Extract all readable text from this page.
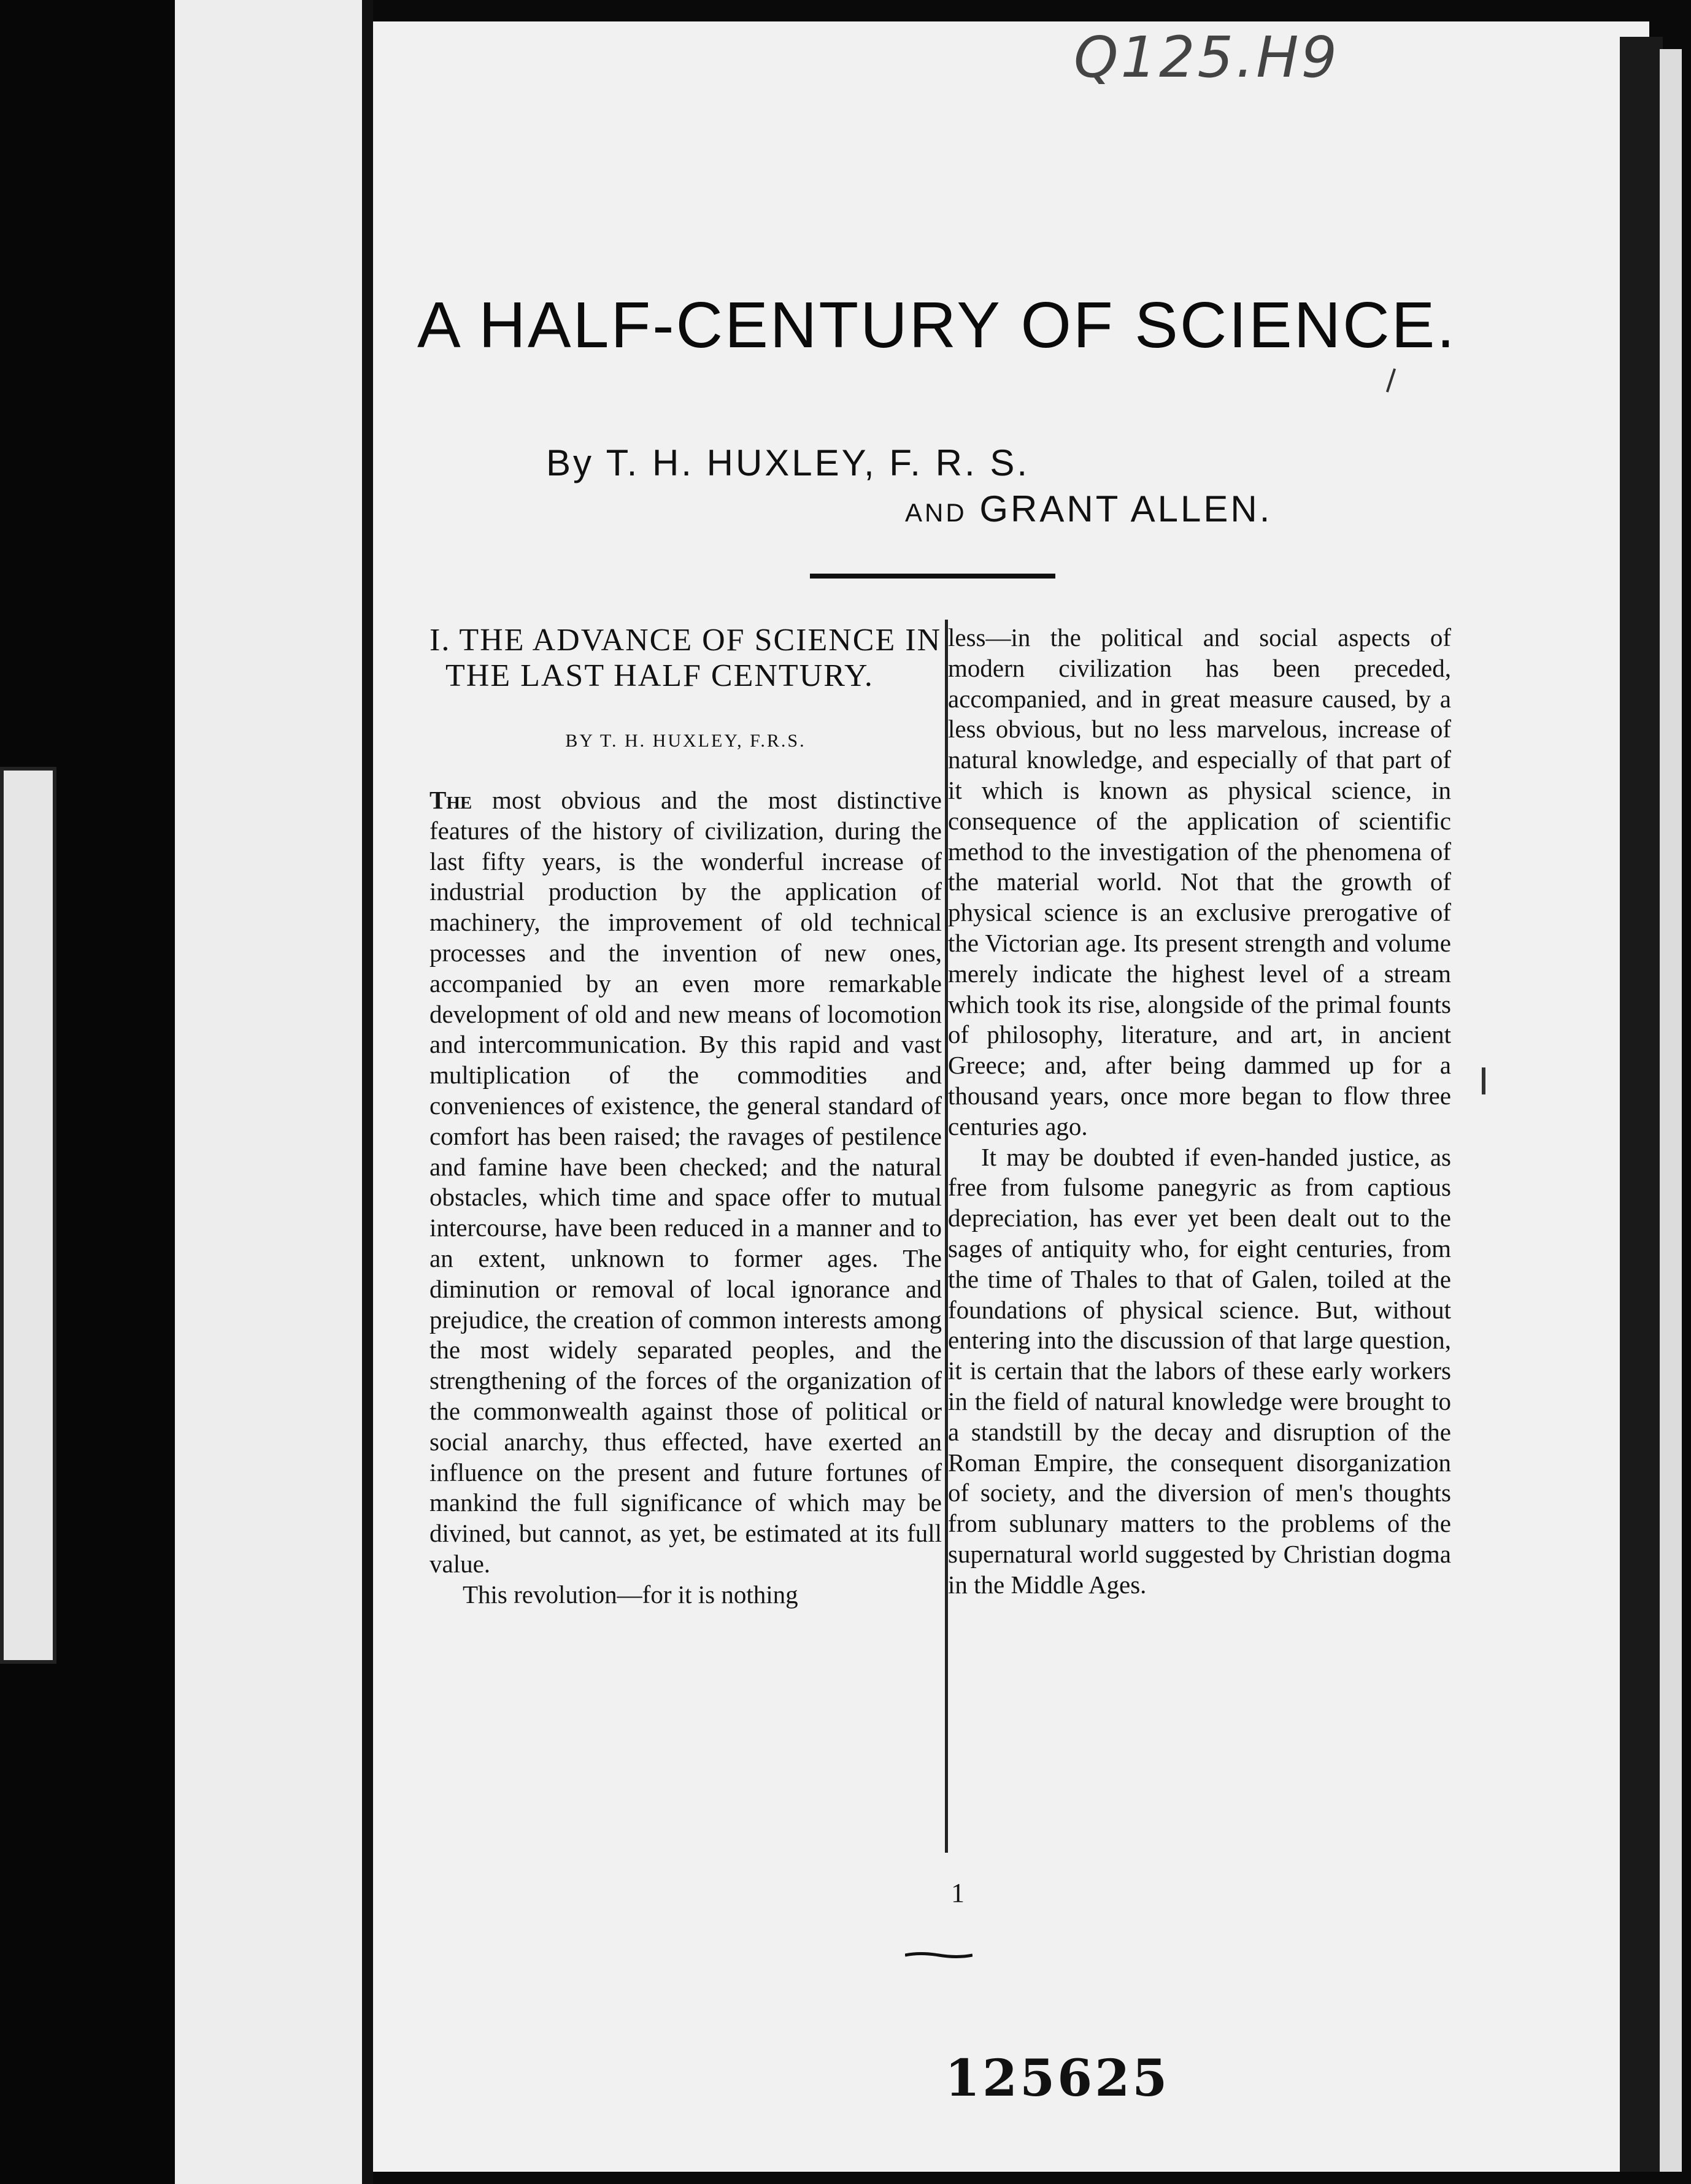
Q125.H9
A HALF-CENTURY OF SCIENCE.
By T. H. HUXLEY, F. R. S.
and GRANT ALLEN.
I. THE ADVANCE OF SCIENCE IN THE LAST HALF CENTURY.
BY T. H. HUXLEY, F.R.S.

The most obvious and the most distinctive features of the history of civilization, during the last fifty years, is the wonderful increase of industrial production by the application of machinery, the improvement of old technical processes and the invention of new ones, accompanied by an even more remarkable development of old and new means of locomotion and intercommunication. By this rapid and vast multiplication of the commodities and conveniences of existence, the general standard of comfort has been raised; the ravages of pestilence and famine have been checked; and the natural obstacles, which time and space offer to mutual intercourse, have been reduced in a manner and to an extent, unknown to former ages. The diminution or removal of local ignorance and prejudice, the creation of common interests among the most widely separated peoples, and the strengthening of the forces of the organization of the commonwealth against those of political or social anarchy, thus effected, have exerted an influence on the present and future fortunes of mankind the full significance of which may be divined, but cannot, as yet, be estimated at its full value.

This revolution—for it is nothing

less—in the political and social aspects of modern civilization has been preceded, accompanied, and in great measure caused, by a less obvious, but no less marvelous, increase of natural knowledge, and especially of that part of it which is known as physical science, in consequence of the application of scientific method to the investigation of the phenomena of the material world. Not that the growth of physical science is an exclusive prerogative of the Victorian age. Its present strength and volume merely indicate the highest level of a stream which took its rise, alongside of the primal founts of philosophy, literature, and art, in ancient Greece; and, after being dammed up for a thousand years, once more began to flow three centuries ago.

It may be doubted if even-handed justice, as free from fulsome panegyric as from captious depreciation, has ever yet been dealt out to the sages of antiquity who, for eight centuries, from the time of Thales to that of Galen, toiled at the foundations of physical science. But, without entering into the discussion of that large question, it is certain that the labors of these early workers in the field of natural knowledge were brought to a standstill by the decay and disruption of the Roman Empire, the consequent disorganization of society, and the diversion of men's thoughts from sublunary matters to the problems of the supernatural world suggested by Christian dogma in the Middle Ages.

1
125625
